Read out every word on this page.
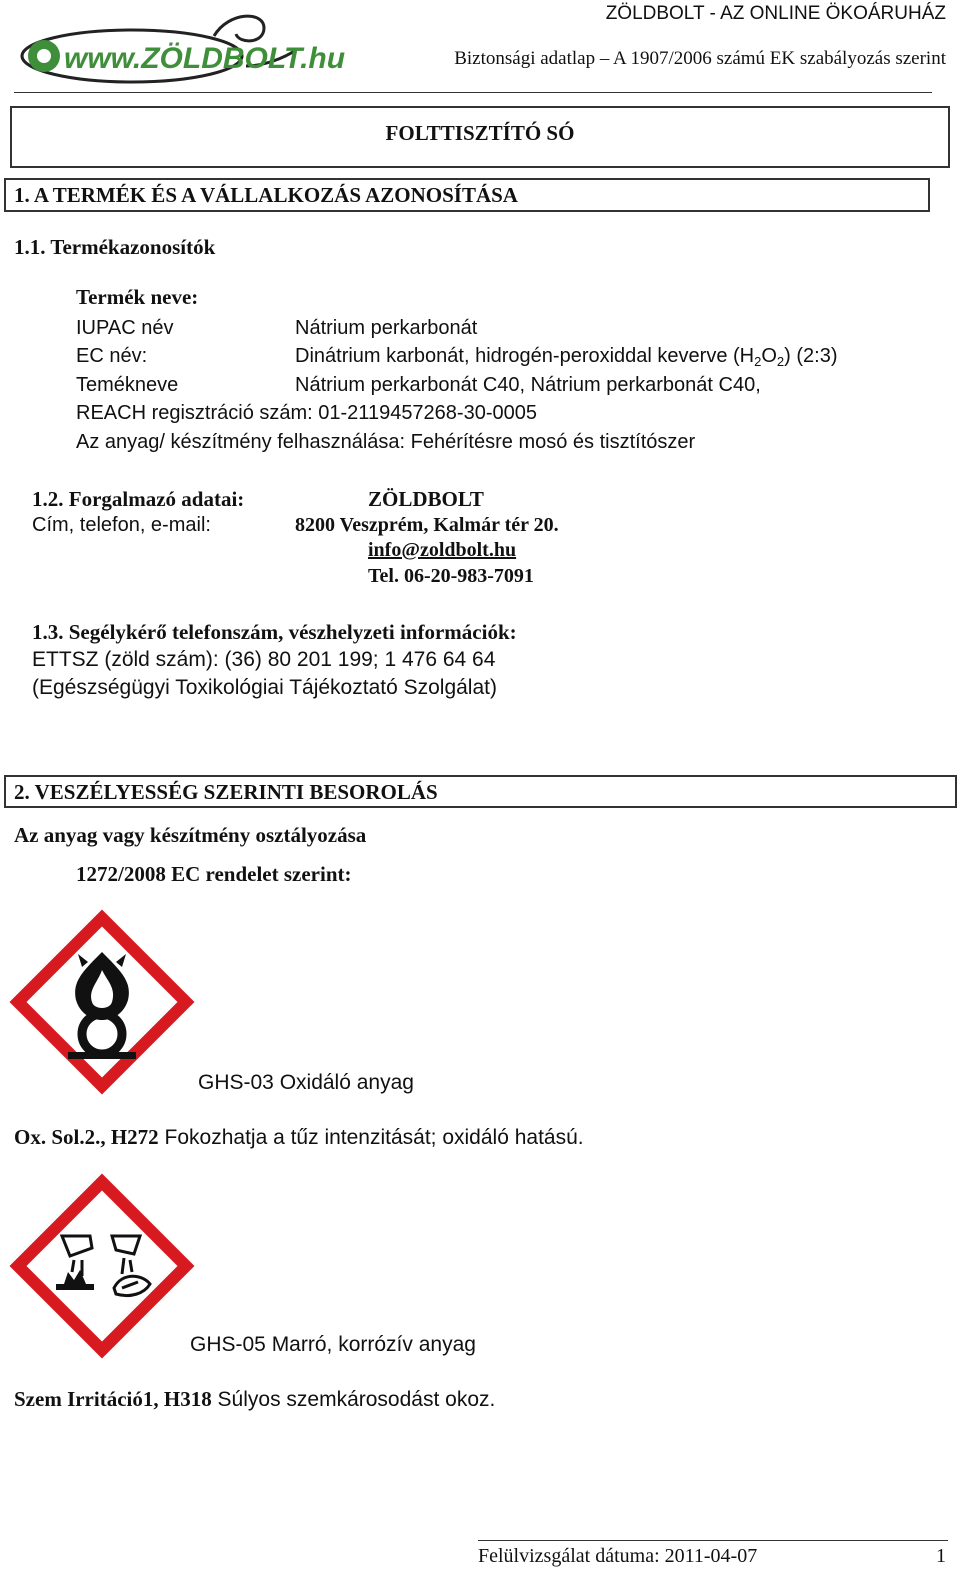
www.ZÖLDBOLT.hu
ZÖLDBOLT - AZ ONLINE ÖKOÁRUHÁZ
Biztonsági adatlap – A 1907/2006 számú EK szabályozás szerint
FOLTTISZTÍTÓ SÓ
1. A TERMÉK ÉS A VÁLLALKOZÁS AZONOSÍTÁSA
1.1. Termékazonosítók
Termék neve:
IUPAC név	Nátrium perkarbonát
EC név:	Dinátrium karbonát, hidrogén-peroxiddal keverve $(H_2O_2)$ (2:3)
Temékneve	Nátrium perkarbonát C40, Nátrium perkarbonát C40,
REACH regisztráció szám: 01-2119457268-30-0005
Az anyag/ készítmény felhasználása: Fehérítésre mosó és tisztítószer
1.2. Forgalmazó adatai:	ZÖLDBOLT
Cím, telefon, e-mail:	8200 Veszprém, Kalmár tér 20.
info@zoldbolt.hu
Tel. 06-20-983-7091
1.3. Segélykérő telefonszám, vészhelyzeti információk:
ETTSZ (zöld szám): (36) 80 201 199; 1 476 64 64
(Egészségügyi Toxikológiai Tájékoztató Szolgálat)
2. VESZÉLYESSÉG SZERINTI BESOROLÁS
Az anyag vagy készítmény osztályozása
1272/2008 EC rendelet szerint:
GHS-03 Oxidáló anyag
Ox. Sol.2., H272 Fokozhatja a tűz intenzitását; oxidáló hatású.
GHS-05 Marró, korrózív anyag
Szem Irritáció1, H318 Súlyos szemkárosodást okoz.
Felülvizsgálat dátuma: 2011-04-07	1
